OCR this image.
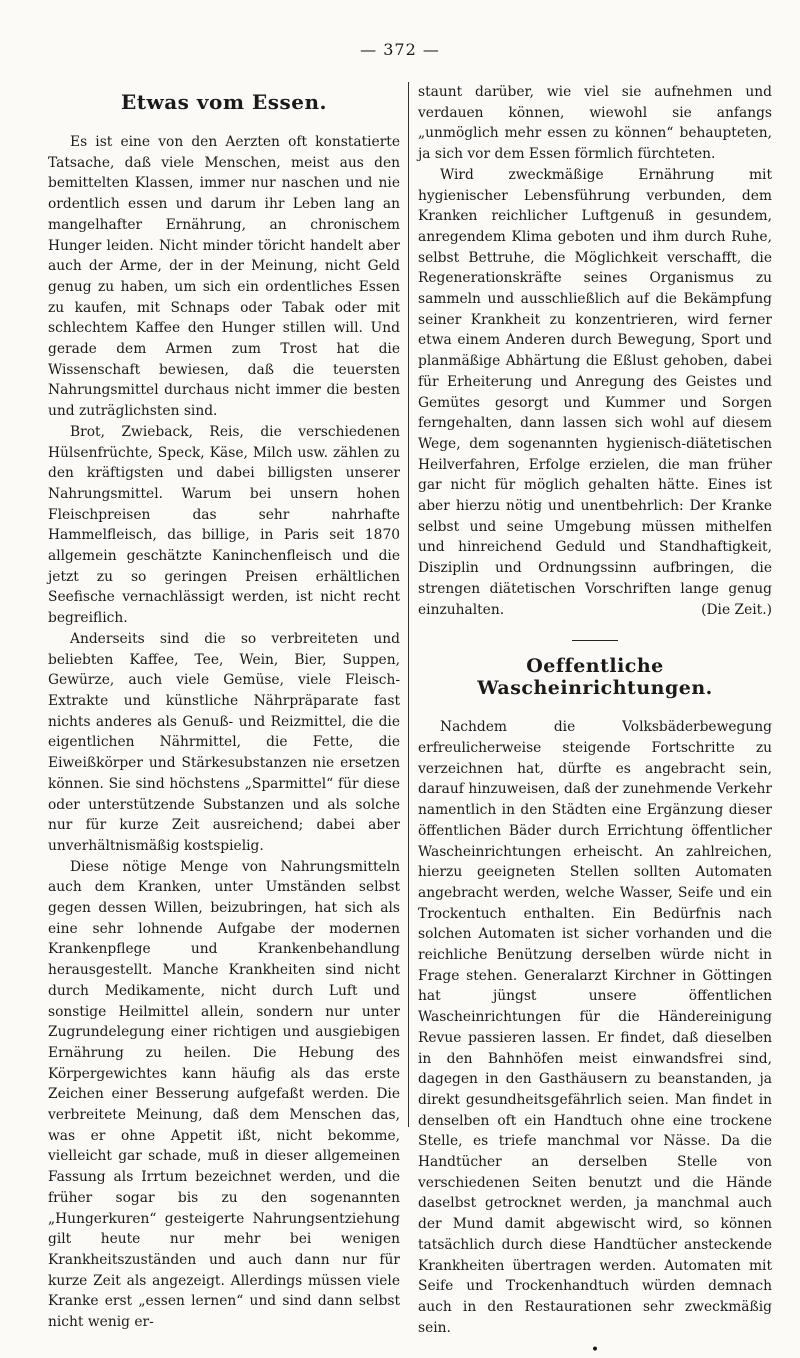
— 372 —
Etwas vom Essen.

Es ist eine von den Aerzten oft konstatierte Tatsache, daß viele Menschen, meist aus den bemittelten Klassen, immer nur naschen und nie ordentlich essen und darum ihr Leben lang an mangelhafter Ernährung, an chronischem Hunger leiden. Nicht minder töricht handelt aber auch der Arme, der in der Meinung, nicht Geld genug zu haben, um sich ein ordentliches Essen zu kaufen, mit Schnaps oder Tabak oder mit schlechtem Kaffee den Hunger stillen will. Und gerade dem Armen zum Trost hat die Wissenschaft bewiesen, daß die teuersten Nahrungsmittel durchaus nicht immer die besten und zuträglichsten sind.

Brot, Zwieback, Reis, die verschiedenen Hülsenfrüchte, Speck, Käse, Milch usw. zählen zu den kräftigsten und dabei billigsten unserer Nahrungsmittel. Warum bei unsern hohen Fleischpreisen das sehr nahrhafte Hammelfleisch, das billige, in Paris seit 1870 allgemein geschätzte Kaninchenfleisch und die jetzt zu so geringen Preisen erhältlichen Seefische vernachlässigt werden, ist nicht recht begreiflich.

Anderseits sind die so verbreiteten und beliebten Kaffee, Tee, Wein, Bier, Suppen, Gewürze, auch viele Gemüse, viele Fleisch-Extrakte und künstliche Nährpräparate fast nichts anderes als Genuß- und Reizmittel, die die eigentlichen Nährmittel, die Fette, die Eiweißkörper und Stärkesubstanzen nie ersetzen können. Sie sind höchstens „Sparmittel“ für diese oder unterstützende Substanzen und als solche nur für kurze Zeit ausreichend; dabei aber unverhältnismäßig kostspielig.

Diese nötige Menge von Nahrungsmitteln auch dem Kranken, unter Umständen selbst gegen dessen Willen, beizubringen, hat sich als eine sehr lohnende Aufgabe der modernen Krankenpflege und Krankenbehandlung herausgestellt. Manche Krankheiten sind nicht durch Medikamente, nicht durch Luft und sonstige Heilmittel allein, sondern nur unter Zugrundelegung einer richtigen und ausgiebigen Ernährung zu heilen. Die Hebung des Körpergewichtes kann häufig als das erste Zeichen einer Besserung aufgefaßt werden. Die verbreitete Meinung, daß dem Menschen das, was er ohne Appetit ißt, nicht bekomme, vielleicht gar schade, muß in dieser allgemeinen Fassung als Irrtum bezeichnet werden, und die früher sogar bis zu den sogenannten „Hungerkuren“ gesteigerte Nahrungsentziehung gilt heute nur mehr bei wenigen Krankheitszuständen und auch dann nur für kurze Zeit als angezeigt. Allerdings müssen viele Kranke erst „essen lernen“ und sind dann selbst nicht wenig er-

staunt darüber, wie viel sie aufnehmen und verdauen können, wiewohl sie anfangs „unmöglich mehr essen zu können“ behaupteten, ja sich vor dem Essen förmlich fürchteten.

Wird zweckmäßige Ernährung mit hygienischer Lebensführung verbunden, dem Kranken reichlicher Luftgenuß in gesundem, anregendem Klima geboten und ihm durch Ruhe, selbst Bettruhe, die Möglichkeit verschafft, die Regenerationskräfte seines Organismus zu sammeln und ausschließlich auf die Bekämpfung seiner Krankheit zu konzentrieren, wird ferner etwa einem Anderen durch Bewegung, Sport und planmäßige Abhärtung die Eßlust gehoben, dabei für Erheiterung und Anregung des Geistes und Gemütes gesorgt und Kummer und Sorgen ferngehalten, dann lassen sich wohl auf diesem Wege, dem sogenannten hygienisch-diätetischen Heilverfahren, Erfolge erzielen, die man früher gar nicht für möglich gehalten hätte. Eines ist aber hierzu nötig und unentbehrlich: Der Kranke selbst und seine Umgebung müssen mithelfen und hinreichend Geduld und Standhaftigkeit, Disziplin und Ordnungssinn aufbringen, die strengen diätetischen Vorschriften lange genug einzuhalten.	(Die Zeit.)

Oeffentliche Wascheinrichtungen.

Nachdem die Volksbäderbewegung erfreulicherweise steigende Fortschritte zu verzeichnen hat, dürfte es angebracht sein, darauf hinzuweisen, daß der zunehmende Verkehr namentlich in den Städten eine Ergänzung dieser öffentlichen Bäder durch Errichtung öffentlicher Wascheinrichtungen erheischt. An zahlreichen, hierzu geeigneten Stellen sollten Automaten angebracht werden, welche Wasser, Seife und ein Trockentuch enthalten. Ein Bedürfnis nach solchen Automaten ist sicher vorhanden und die reichliche Benützung derselben würde nicht in Frage stehen. Generalarzt Kirchner in Göttingen hat jüngst unsere öffentlichen Wascheinrichtungen für die Händereinigung Revue passieren lassen. Er findet, daß dieselben in den Bahnhöfen meist einwandsfrei sind, dagegen in den Gasthäusern zu beanstanden, ja direkt gesundheitsgefährlich seien. Man findet in denselben oft ein Handtuch ohne eine trockene Stelle, es triefe manchmal vor Nässe. Da die Handtücher an derselben Stelle von verschiedenen Seiten benutzt und die Hände daselbst getrocknet werden, ja manchmal auch der Mund damit abgewischt wird, so können tatsächlich durch diese Handtücher ansteckende Krankheiten übertragen werden. Automaten mit Seife und Trockenhandtuch würden demnach auch in den Restaurationen sehr zweckmäßig sein.

•
